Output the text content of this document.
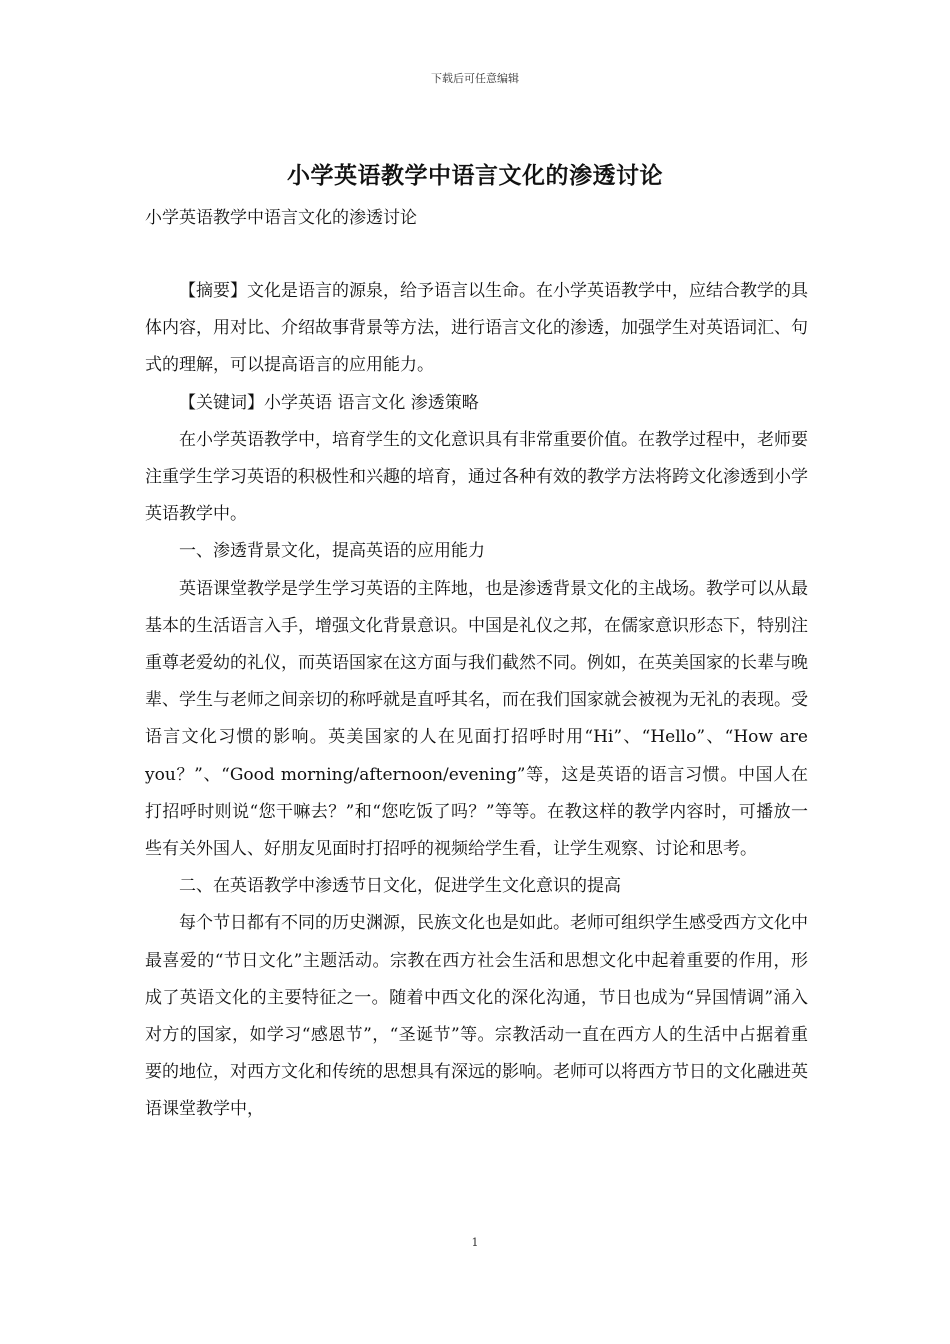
下载后可任意编辑
小学英语教学中语言文化的渗透讨论
小学英语教学中语言文化的渗透讨论

【摘要】文化是语言的源泉，给予语言以生命。在小学英语教学中，应结合教学的具体内容，用对比、介绍故事背景等方法，进行语言文化的渗透，加强学生对英语词汇、句式的理解，可以提高语言的应用能力。

【关键词】小学英语 语言文化 渗透策略

在小学英语教学中，培育学生的文化意识具有非常重要价值。在教学过程中，老师要注重学生学习英语的积极性和兴趣的培育，通过各种有效的教学方法将跨文化渗透到小学英语教学中。

一、渗透背景文化，提高英语的应用能力

英语课堂教学是学生学习英语的主阵地，也是渗透背景文化的主战场。教学可以从最基本的生活语言入手，增强文化背景意识。中国是礼仪之邦，在儒家意识形态下，特别注重尊老爱幼的礼仪，而英语国家在这方面与我们截然不同。例如，在英美国家的长辈与晚辈、学生与老师之间亲切的称呼就是直呼其名，而在我们国家就会被视为无礼的表现。受语言文化习惯的影响。英美国家的人在见面打招呼时用“Hi”、“Hello”、“How are you？”、“Good morning/afternoon/evening”等，这是英语的语言习惯。中国人在打招呼时则说“您干嘛去？”和“您吃饭了吗？”等等。在教这样的教学内容时，可播放一些有关外国人、好朋友见面时打招呼的视频给学生看，让学生观察、讨论和思考。

二、在英语教学中渗透节日文化，促进学生文化意识的提高

每个节日都有不同的历史渊源，民族文化也是如此。老师可组织学生感受西方文化中最喜爱的“节日文化”主题活动。宗教在西方社会生活和思想文化中起着重要的作用，形成了英语文化的主要特征之一。随着中西文化的深化沟通，节日也成为“异国情调”涌入对方的国家，如学习“感恩节”，“圣诞节”等。宗教活动一直在西方人的生活中占据着重要的地位，对西方文化和传统的思想具有深远的影响。老师可以将西方节日的文化融进英语课堂教学中，

1
